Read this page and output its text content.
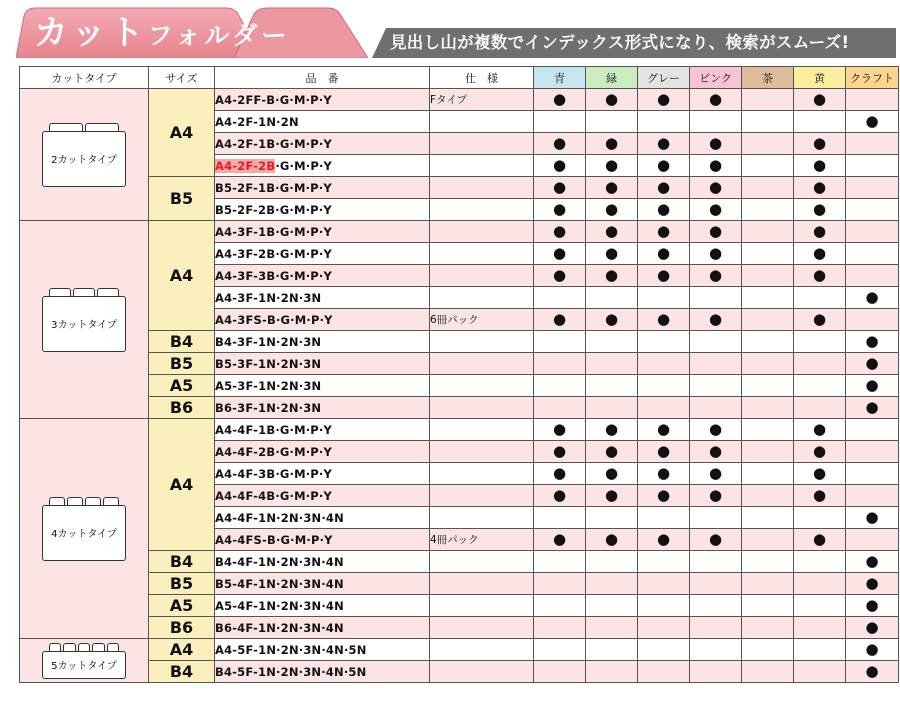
カット フォルダー	見出し山が複数でインデックス形式になり、検索がスムーズ!
カットタイプ	サイズ	品　番	仕　様	青	緑	グレー	ピンク	茶	黄	クラフト

2カットタイプ	A4	A4-2FF-B·G·M·P·Y	Fタイプ	●	●	●	●		●	
		A4-2F-1N·2N								●
		A4-2F-1B·G·M·P·Y		●	●	●	●		●	
		A4-2F-2B·G·M·P·Y		●	●	●	●		●	
	B5	B5-2F-1B·G·M·P·Y		●	●	●	●		●	
		B5-2F-2B·G·M·P·Y		●	●	●	●		●	

3カットタイプ	A4	A4-3F-1B·G·M·P·Y		●	●	●	●		●	
		A4-3F-2B·G·M·P·Y		●	●	●	●		●	
		A4-3F-3B·G·M·P·Y		●	●	●	●		●	
		A4-3F-1N·2N·3N								●
		A4-3FS-B·G·M·P·Y	6冊パック	●	●	●	●		●	
	B4	B4-3F-1N·2N·3N								●
	B5	B5-3F-1N·2N·3N								●
	A5	A5-3F-1N·2N·3N								●
	B6	B6-3F-1N·2N·3N								●

4カットタイプ	A4	A4-4F-1B·G·M·P·Y		●	●	●	●		●	
		A4-4F-2B·G·M·P·Y		●	●	●	●		●	
		A4-4F-3B·G·M·P·Y		●	●	●	●		●	
		A4-4F-4B·G·M·P·Y		●	●	●	●		●	
		A4-4F-1N·2N·3N·4N								●
		A4-4FS-B·G·M·P·Y	4冊パック	●	●	●	●		●	
	B4	B4-4F-1N·2N·3N·4N								●
	B5	B5-4F-1N·2N·3N·4N								●
	A5	A5-4F-1N·2N·3N·4N								●
	B6	B6-4F-1N·2N·3N·4N								●

5カットタイプ	A4	A4-5F-1N·2N·3N·4N·5N								●
	B4	B4-5F-1N·2N·3N·4N·5N								●
